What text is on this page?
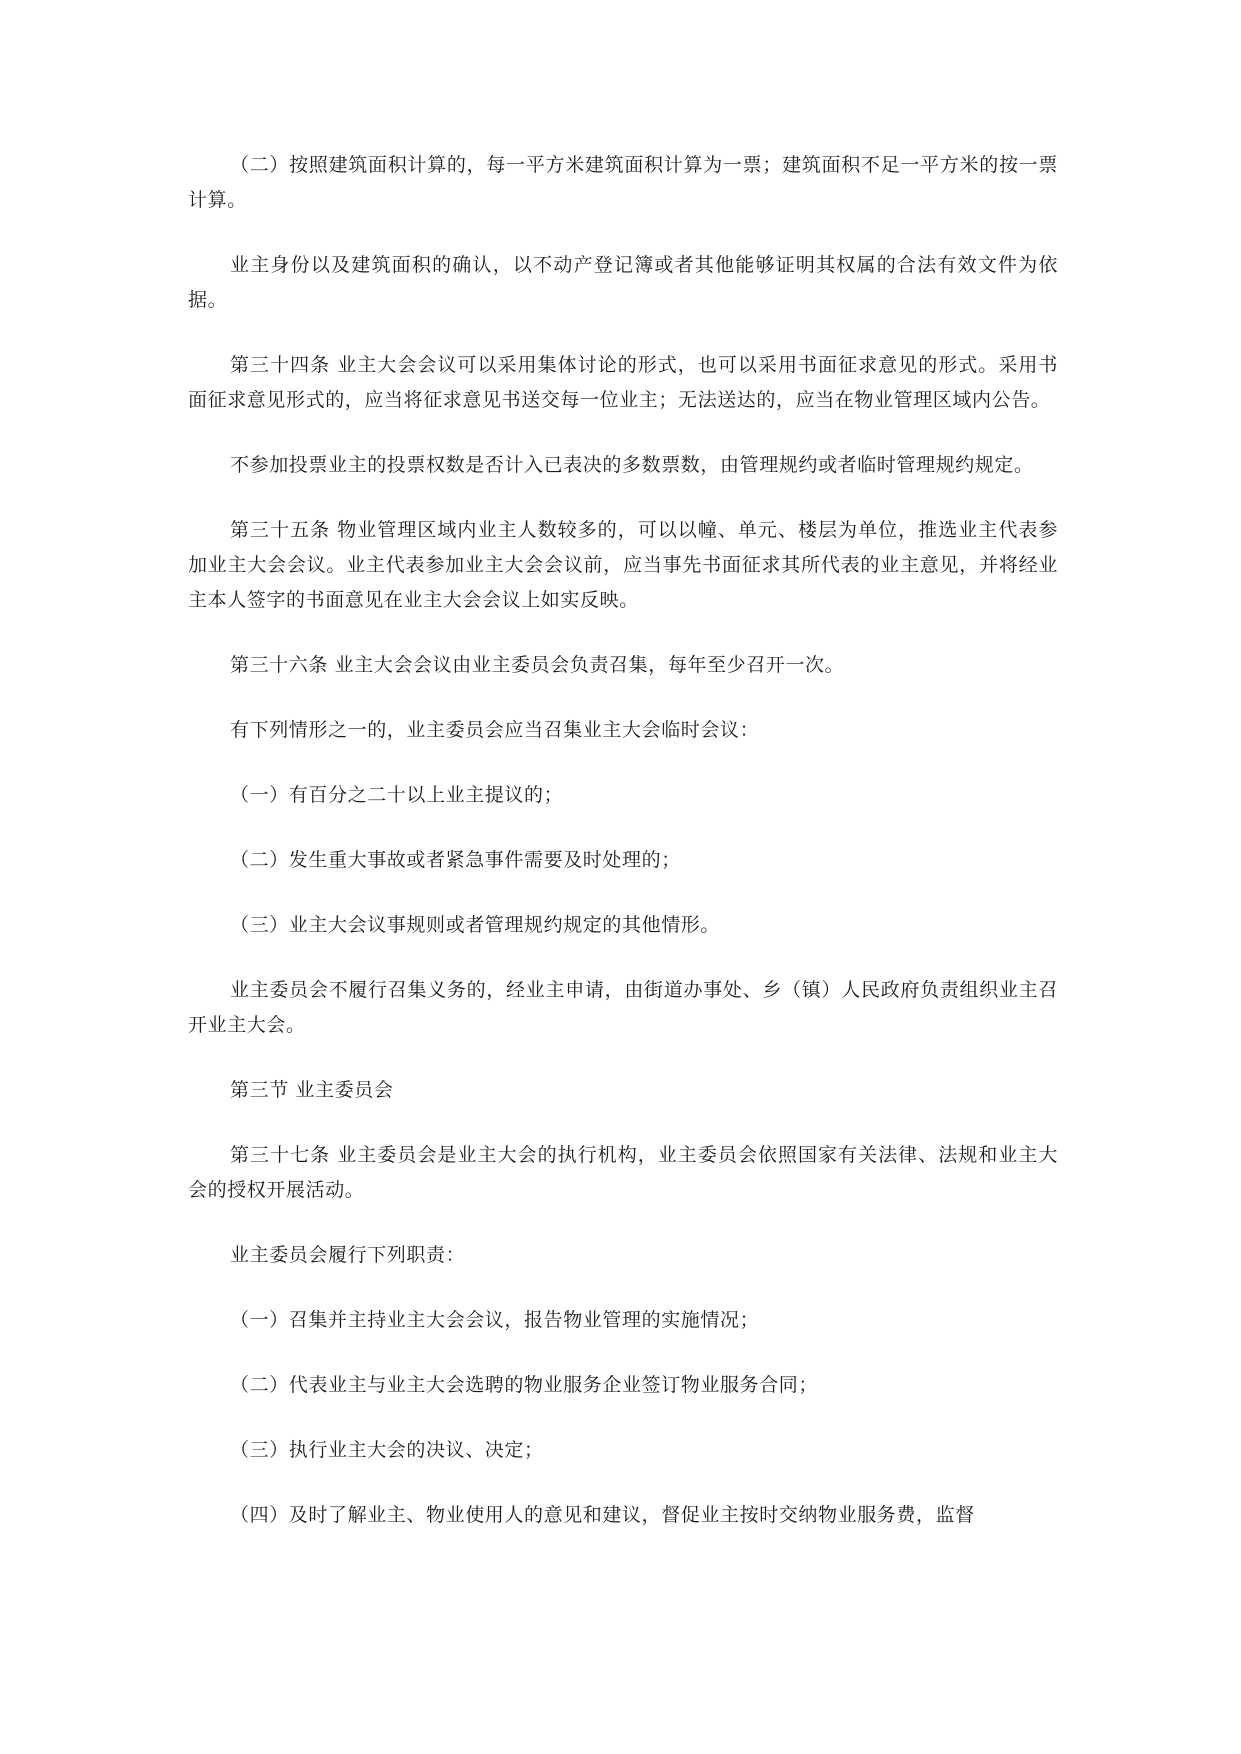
（二）按照建筑面积计算的，每一平方米建筑面积计算为一票；建筑面积不足一平方米的按一票计算。

业主身份以及建筑面积的确认，以不动产登记簿或者其他能够证明其权属的合法有效文件为依据。

第三十四条 业主大会会议可以采用集体讨论的形式，也可以采用书面征求意见的形式。采用书面征求意见形式的，应当将征求意见书送交每一位业主；无法送达的，应当在物业管理区域内公告。

不参加投票业主的投票权数是否计入已表决的多数票数，由管理规约或者临时管理规约规定。

第三十五条 物业管理区域内业主人数较多的，可以以幢、单元、楼层为单位，推选业主代表参加业主大会会议。业主代表参加业主大会会议前，应当事先书面征求其所代表的业主意见，并将经业主本人签字的书面意见在业主大会会议上如实反映。

第三十六条 业主大会会议由业主委员会负责召集，每年至少召开一次。

有下列情形之一的，业主委员会应当召集业主大会临时会议：

（一）有百分之二十以上业主提议的；

（二）发生重大事故或者紧急事件需要及时处理的；

（三）业主大会议事规则或者管理规约规定的其他情形。

业主委员会不履行召集义务的，经业主申请，由街道办事处、乡（镇）人民政府负责组织业主召开业主大会。

第三节 业主委员会

第三十七条 业主委员会是业主大会的执行机构，业主委员会依照国家有关法律、法规和业主大会的授权开展活动。

业主委员会履行下列职责：

（一）召集并主持业主大会会议，报告物业管理的实施情况；

（二）代表业主与业主大会选聘的物业服务企业签订物业服务合同；

（三）执行业主大会的决议、决定；

（四）及时了解业主、物业使用人的意见和建议，督促业主按时交纳物业服务费，监督
